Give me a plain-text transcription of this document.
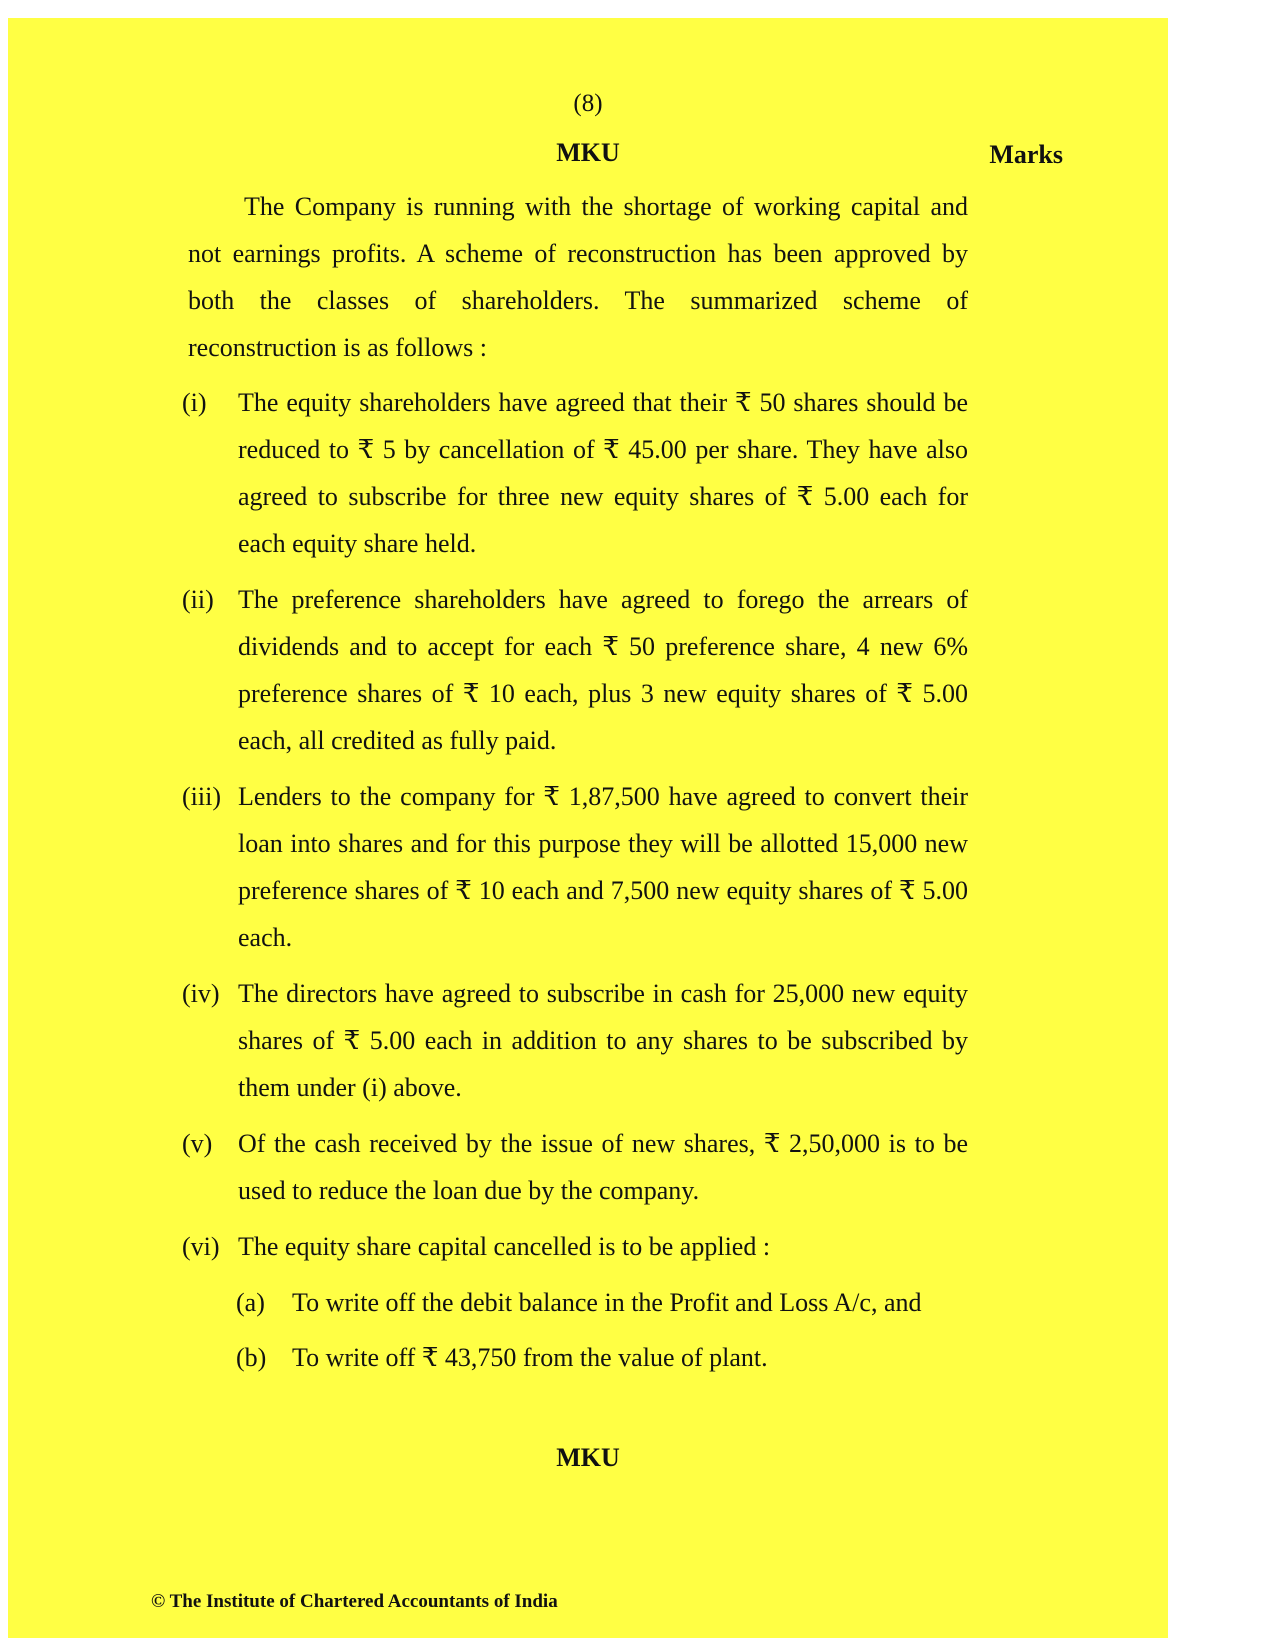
(8)
MKU	Marks

The Company is running with the shortage of working capital and not earnings profits. A scheme of reconstruction has been approved by both the classes of shareholders. The summarized scheme of reconstruction is as follows :

(i)	The equity shareholders have agreed that their ₹ 50 shares should be reduced to ₹ 5 by cancellation of ₹ 45.00 per share. They have also agreed to subscribe for three new equity shares of ₹ 5.00 each for each equity share held.
(ii) The preference shareholders have agreed to forego the arrears of dividends and to accept for each ₹ 50 preference share, 4 new 6% preference shares of ₹ 10 each, plus 3 new equity shares of ₹ 5.00 each, all credited as fully paid.
(iii) Lenders to the company for ₹ 1,87,500 have agreed to convert their loan into shares and for this purpose they will be allotted 15,000 new preference shares of ₹ 10 each and 7,500 new equity shares of ₹ 5.00 each.
(iv) The directors have agreed to subscribe in cash for 25,000 new equity shares of ₹ 5.00 each in addition to any shares to be subscribed by them under (i) above.
(v) Of the cash received by the issue of new shares, ₹ 2,50,000 is to be used to reduce the loan due by the company.
(vi) The equity share capital cancelled is to be applied :
(a)	To write off the debit balance in the Profit and Loss A/c, and
(b) To write off ₹ 43,750 from the value of plant.
MKU
© The Institute of Chartered Accountants of India
